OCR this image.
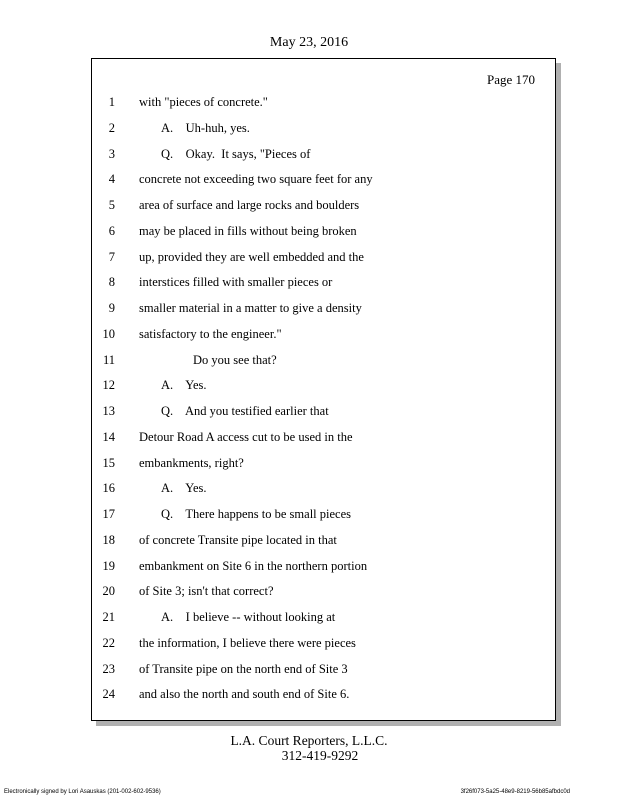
May 23, 2016
Page 170
1 with "pieces of concrete."
2	A.    Uh-huh, yes.
3	Q.    Okay.  It says, "Pieces of
4 concrete not exceeding two square feet for any
5 area of surface and large rocks and boulders
6 may be placed in fills without being broken
7 up, provided they are well embedded and the
8 interstices filled with smaller pieces or
9 smaller material in a matter to give a density
10 satisfactory to the engineer."
11	Do you see that?
12	A.    Yes.
13	Q.    And you testified earlier that
14 Detour Road A access cut to be used in the
15 embankments, right?
16	A.    Yes.
17	Q.    There happens to be small pieces
18 of concrete Transite pipe located in that
19 embankment on Site 6 in the northern portion
20 of Site 3; isn't that correct?
21	A.    I believe -- without looking at
22 the information, I believe there were pieces
23 of Transite pipe on the north end of Site 3
24 and also the north and south end of Site 6.
L.A. Court Reporters, L.L.C.
312-419-9292
Electronically signed by Lori Asauskas (201-002-602-9536)	3f26f073-5a25-48e9-8219-56b85afbdc0d
